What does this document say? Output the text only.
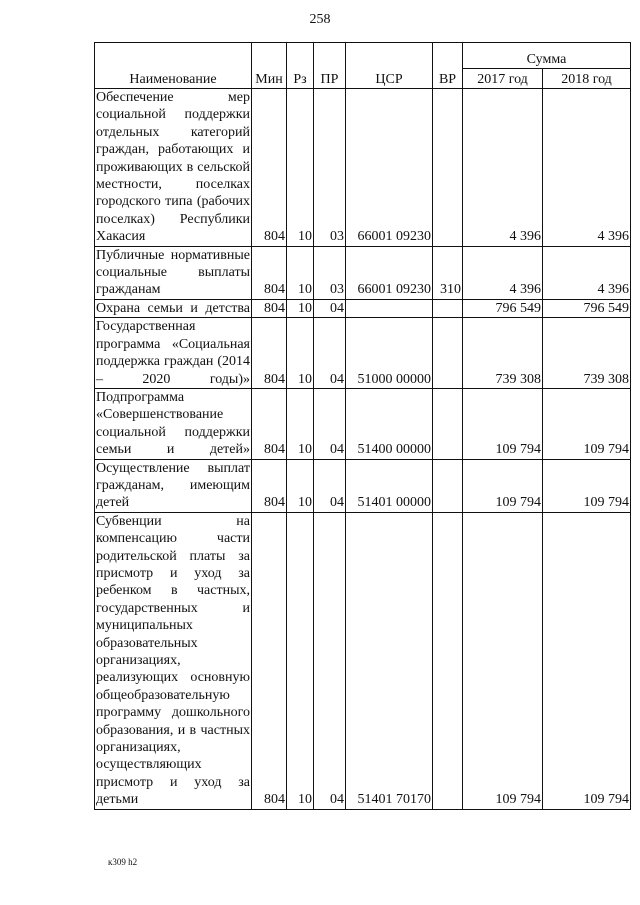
258
Наименование	Мин	Рз	ПР	ЦСР	ВР	Сумма	
						2017 год	2018 год
Обеспечение мер социальной поддержки отдельных категорий граждан, работающих и проживающих в сельской местности, поселках городского типа (рабочих поселках) Республики Хакасия	804	10	03	66001 09230		4 396	4 396
Публичные нормативные социальные выплаты гражданам	804	10	03	66001 09230	310	4 396	4 396
Охрана семьи и детства	804	10	04			796 549	796 549
Государственная программа «Социальная поддержка граждан (2014 – 2020 годы)»	804	10	04	51000 00000		739 308	739 308
Подпрограмма «Совершенствование социальной поддержки семьи и детей»	804	10	04	51400 00000		109 794	109 794
Осуществление выплат гражданам, имеющим детей	804	10	04	51401 00000		109 794	109 794
Субвенции на компенсацию части родительской платы за присмотр и уход за ребенком в частных, государственных и муниципальных образовательных организациях, реализующих основную общеобразовательную программу дошкольного образования, и в частных организациях, осуществляющих присмотр и уход за детьми	804	10	04	51401 70170		109 794	109 794
к309 h2
